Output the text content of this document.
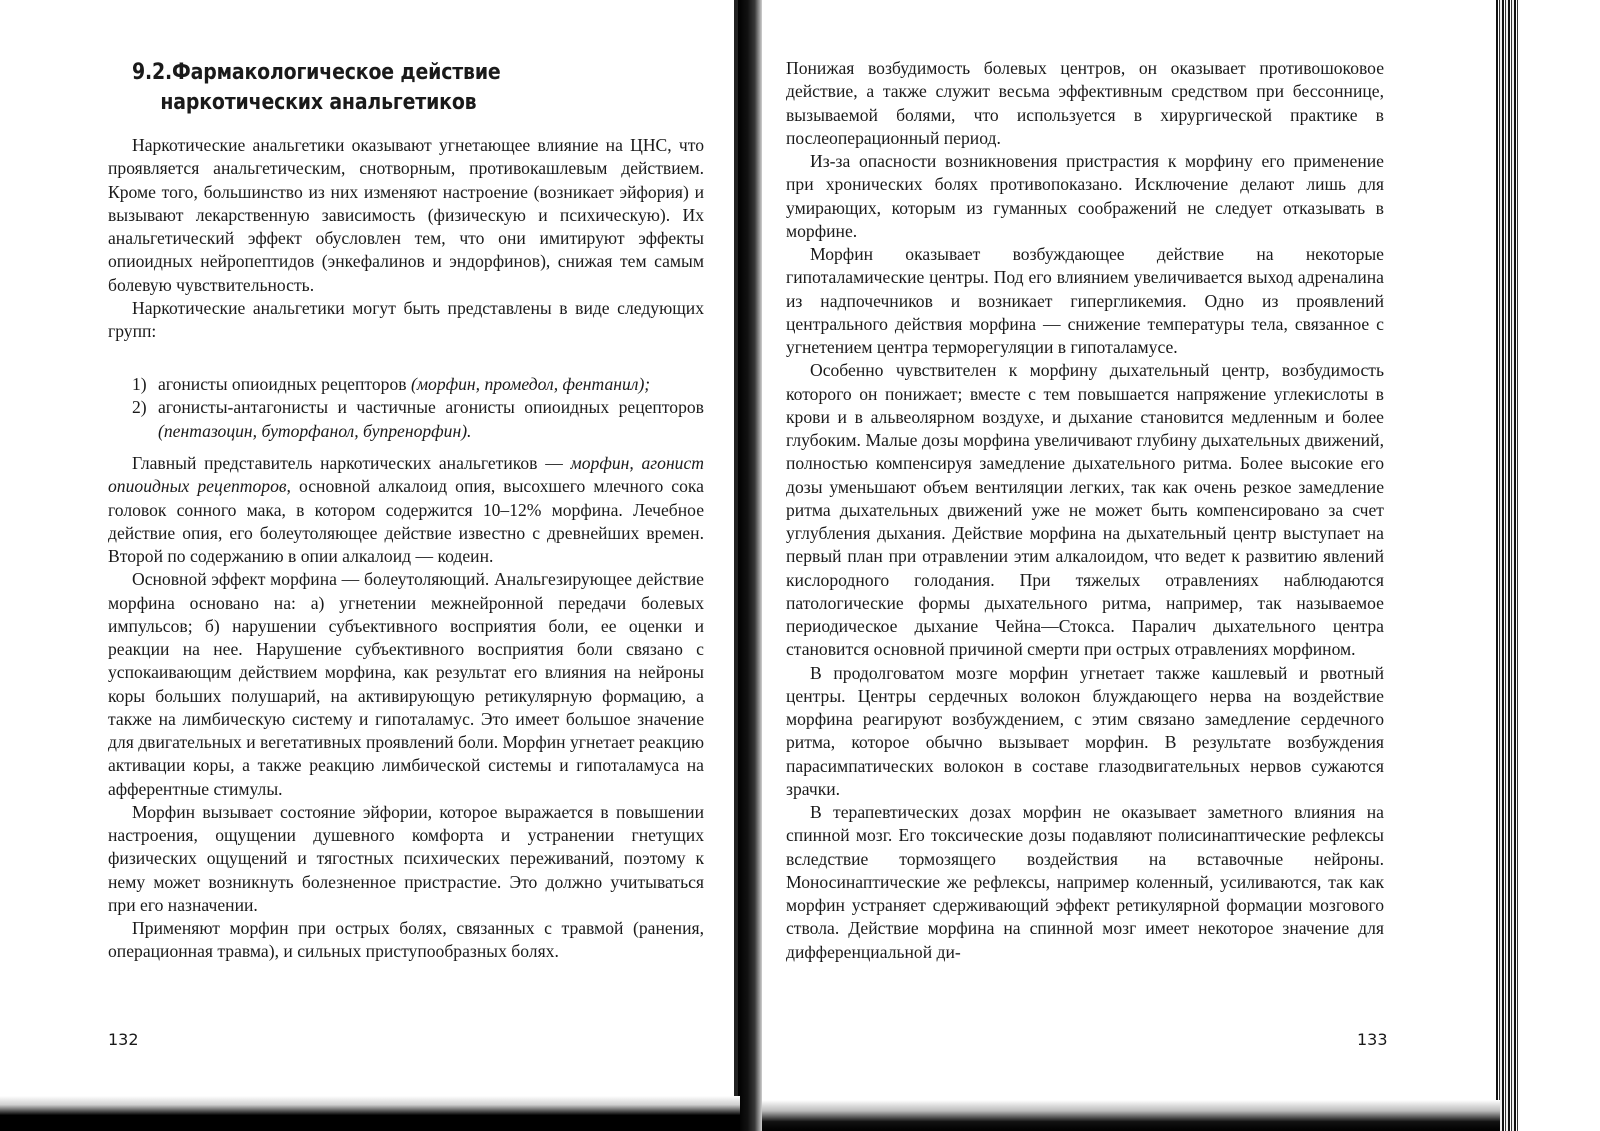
9.2.Фармакологическое действие
наркотических анальгетиков

Наркотические анальгетики оказывают угнетающее влияние на ЦНС, что проявляется анальгетическим, снотворным, противокашлевым действием. Кроме того, большинство из них изменяют настроение (возникает эйфория) и вызывают лекарственную зависимость (физическую и психическую). Их анальгетический эффект обусловлен тем, что они имитируют эффекты опиоидных нейропептидов (энкефалинов и эндорфинов), снижая тем самым болевую чувствительность.

Наркотические анальгетики могут быть представлены в виде следующих групп:

1) агонисты опиоидных рецепторов (морфин, промедол, фентанил);
2) агонисты-антагонисты и частичные агонисты опиоидных рецепторов (пентазоцин, буторфанол, бупренорфин).

Главный представитель наркотических анальгетиков — морфин, агонист опиоидных рецепторов, основной алкалоид опия, высохшего млечного сока головок сонного мака, в котором содержится 10–12% морфина. Лечебное действие опия, его болеутоляющее действие известно с древнейших времен. Второй по содержанию в опии алкалоид — кодеин.

Основной эффект морфина — болеутоляющий. Анальгезирующее действие морфина основано на: а) угнетении межнейронной передачи болевых импульсов; б) нарушении субъективного восприятия боли, ее оценки и реакции на нее. Нарушение субъективного восприятия боли связано с успокаивающим действием морфина, как результат его влияния на нейроны коры больших полушарий, на активирующую ретикулярную формацию, а также на лимбическую систему и гипоталамус. Это имеет большое значение для двигательных и вегетативных проявлений боли. Морфин угнетает реакцию активации коры, а также реакцию лимбической системы и гипоталамуса на афферентные стимулы.

Морфин вызывает состояние эйфории, которое выражается в повышении настроения, ощущении душевного комфорта и устранении гнетущих физических ощущений и тягостных психических переживаний, поэтому к нему может возникнуть болезненное пристрастие. Это должно учитываться при его назначении.

Применяют морфин при острых болях, связанных с травмой (ранения, операционная травма), и сильных приступообразных болях.

132

Понижая возбудимость болевых центров, он оказывает противошоковое действие, а также служит весьма эффективным средством при бессоннице, вызываемой болями, что используется в хирургической практике в послеоперационный период.

Из-за опасности возникновения пристрастия к морфину его применение при хронических болях противопоказано. Исключение делают лишь для умирающих, которым из гуманных соображений не следует отказывать в морфине.

Морфин оказывает возбуждающее действие на некоторые гипоталамические центры. Под его влиянием увеличивается выход адреналина из надпочечников и возникает гипергликемия. Одно из проявлений центрального действия морфина — снижение температуры тела, связанное с угнетением центра терморегуляции в гипоталамусе.

Особенно чувствителен к морфину дыхательный центр, возбудимость которого он понижает; вместе с тем повышается напряжение углекислоты в крови и в альвеолярном воздухе, и дыхание становится медленным и более глубоким. Малые дозы морфина увеличивают глубину дыхательных движений, полностью компенсируя замедление дыхательного ритма. Более высокие его дозы уменьшают объем вентиляции легких, так как очень резкое замедление ритма дыхательных движений уже не может быть компенсировано за счет углубления дыхания. Действие морфина на дыхательный центр выступает на первый план при отравлении этим алкалоидом, что ведет к развитию явлений кислородного голодания. При тяжелых отравлениях наблюдаются патологические формы дыхательного ритма, например, так называемое периодическое дыхание Чейна—Стокса. Паралич дыхательного центра становится основной причиной смерти при острых отравлениях морфином.

В продолговатом мозге морфин угнетает также кашлевый и рвотный центры. Центры сердечных волокон блуждающего нерва на воздействие морфина реагируют возбуждением, с этим связано замедление сердечного ритма, которое обычно вызывает морфин. В результате возбуждения парасимпатических волокон в составе глазодвигательных нервов сужаются зрачки.

В терапевтических дозах морфин не оказывает заметного влияния на спинной мозг. Его токсические дозы подавляют полисинаптические рефлексы вследствие тормозящего воздействия на вставочные нейроны. Моносинаптические же рефлексы, например коленный, усиливаются, так как морфин устраняет сдерживающий эффект ретикулярной формации мозгового ствола. Действие морфина на спинной мозг имеет некоторое значение для дифференциальной ди-

133
